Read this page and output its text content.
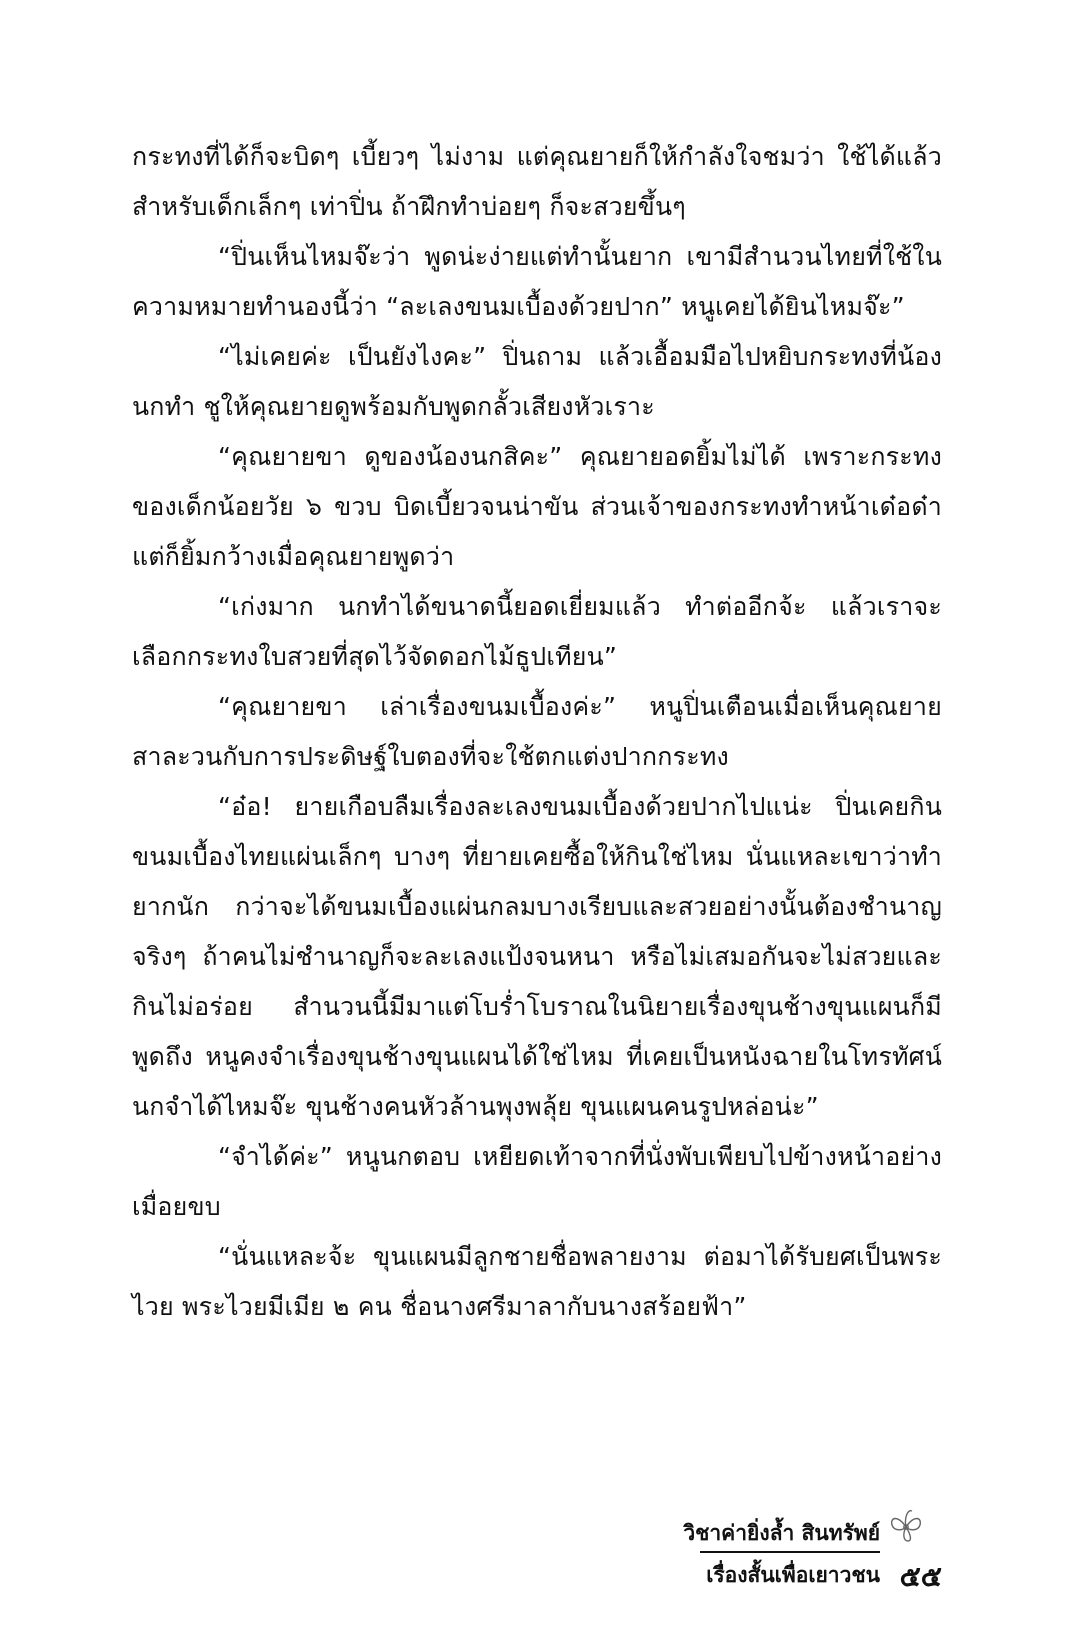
กระทงที่ได้ก็จะบิดๆ เบี้ยวๆ ไม่งาม แต่คุณยายก็ให้กำลังใจชมว่า ใช้ได้แล้วสำหรับเด็กเล็กๆ เท่าปิ่น ถ้าฝึกทำบ่อยๆ ก็จะสวยขึ้นๆ

“ปิ่นเห็นไหมจ๊ะว่า พูดน่ะง่ายแต่ทำนั้นยาก เขามีสำนวนไทยที่ใช้ในความหมายทำนองนี้ว่า “ละเลงขนมเบื้องด้วยปาก” หนูเคยได้ยินไหมจ๊ะ”

“ไม่เคยค่ะ เป็นยังไงคะ” ปิ่นถาม แล้วเอื้อมมือไปหยิบกระทงที่น้องนกทำ ชูให้คุณยายดูพร้อมกับพูดกลั้วเสียงหัวเราะ

“คุณยายขา ดูของน้องนกสิคะ” คุณยายอดยิ้มไม่ได้ เพราะกระทงของเด็กน้อยวัย ๖ ขวบ บิดเบี้ยวจนน่าขัน ส่วนเจ้าของกระทงทำหน้าเด๋อด๋า แต่ก็ยิ้มกว้างเมื่อคุณยายพูดว่า

“เก่งมาก นกทำได้ขนาดนี้ยอดเยี่ยมแล้ว ทำต่ออีกจ้ะ แล้วเราจะเลือกกระทงใบสวยที่สุดไว้จัดดอกไม้ธูปเทียน”

“คุณยายขา เล่าเรื่องขนมเบื้องค่ะ” หนูปิ่นเตือนเมื่อเห็นคุณยายสาละวนกับการประดิษฐ์ใบตองที่จะใช้ตกแต่งปากกระทง

“อ๋อ! ยายเกือบลืมเรื่องละเลงขนมเบื้องด้วยปากไปแน่ะ ปิ่นเคยกินขนมเบื้องไทยแผ่นเล็กๆ บางๆ ที่ยายเคยซื้อให้กินใช่ไหม นั่นแหละเขาว่าทำยากนัก กว่าจะได้ขนมเบื้องแผ่นกลมบางเรียบและสวยอย่างนั้นต้องชำนาญจริงๆ ถ้าคนไม่ชำนาญก็จะละเลงแป้งจนหนา หรือไม่เสมอกันจะไม่สวยและกินไม่อร่อย สำนวนนี้มีมาแต่โบร่ำโบราณในนิยายเรื่องขุนช้างขุนแผนก็มีพูดถึง หนูคงจำเรื่องขุนช้างขุนแผนได้ใช่ไหม ที่เคยเป็นหนังฉายในโทรทัศน์ นกจำได้ไหมจ๊ะ ขุนช้างคนหัวล้านพุงพลุ้ย ขุนแผนคนรูปหล่อน่ะ”

“จำได้ค่ะ” หนูนกตอบ เหยียดเท้าจากที่นั่งพับเพียบไปข้างหน้าอย่างเมื่อยขบ

“นั่นแหละจ้ะ ขุนแผนมีลูกชายชื่อพลายงาม ต่อมาได้รับยศเป็นพระไวย พระไวยมีเมีย ๒ คน ชื่อนางศรีมาลากับนางสร้อยฟ้า”

วิชาค่ายิ่งล้ำ สินทรัพย์
เรื่องสั้นเพื่อเยาวชน ๕๕
